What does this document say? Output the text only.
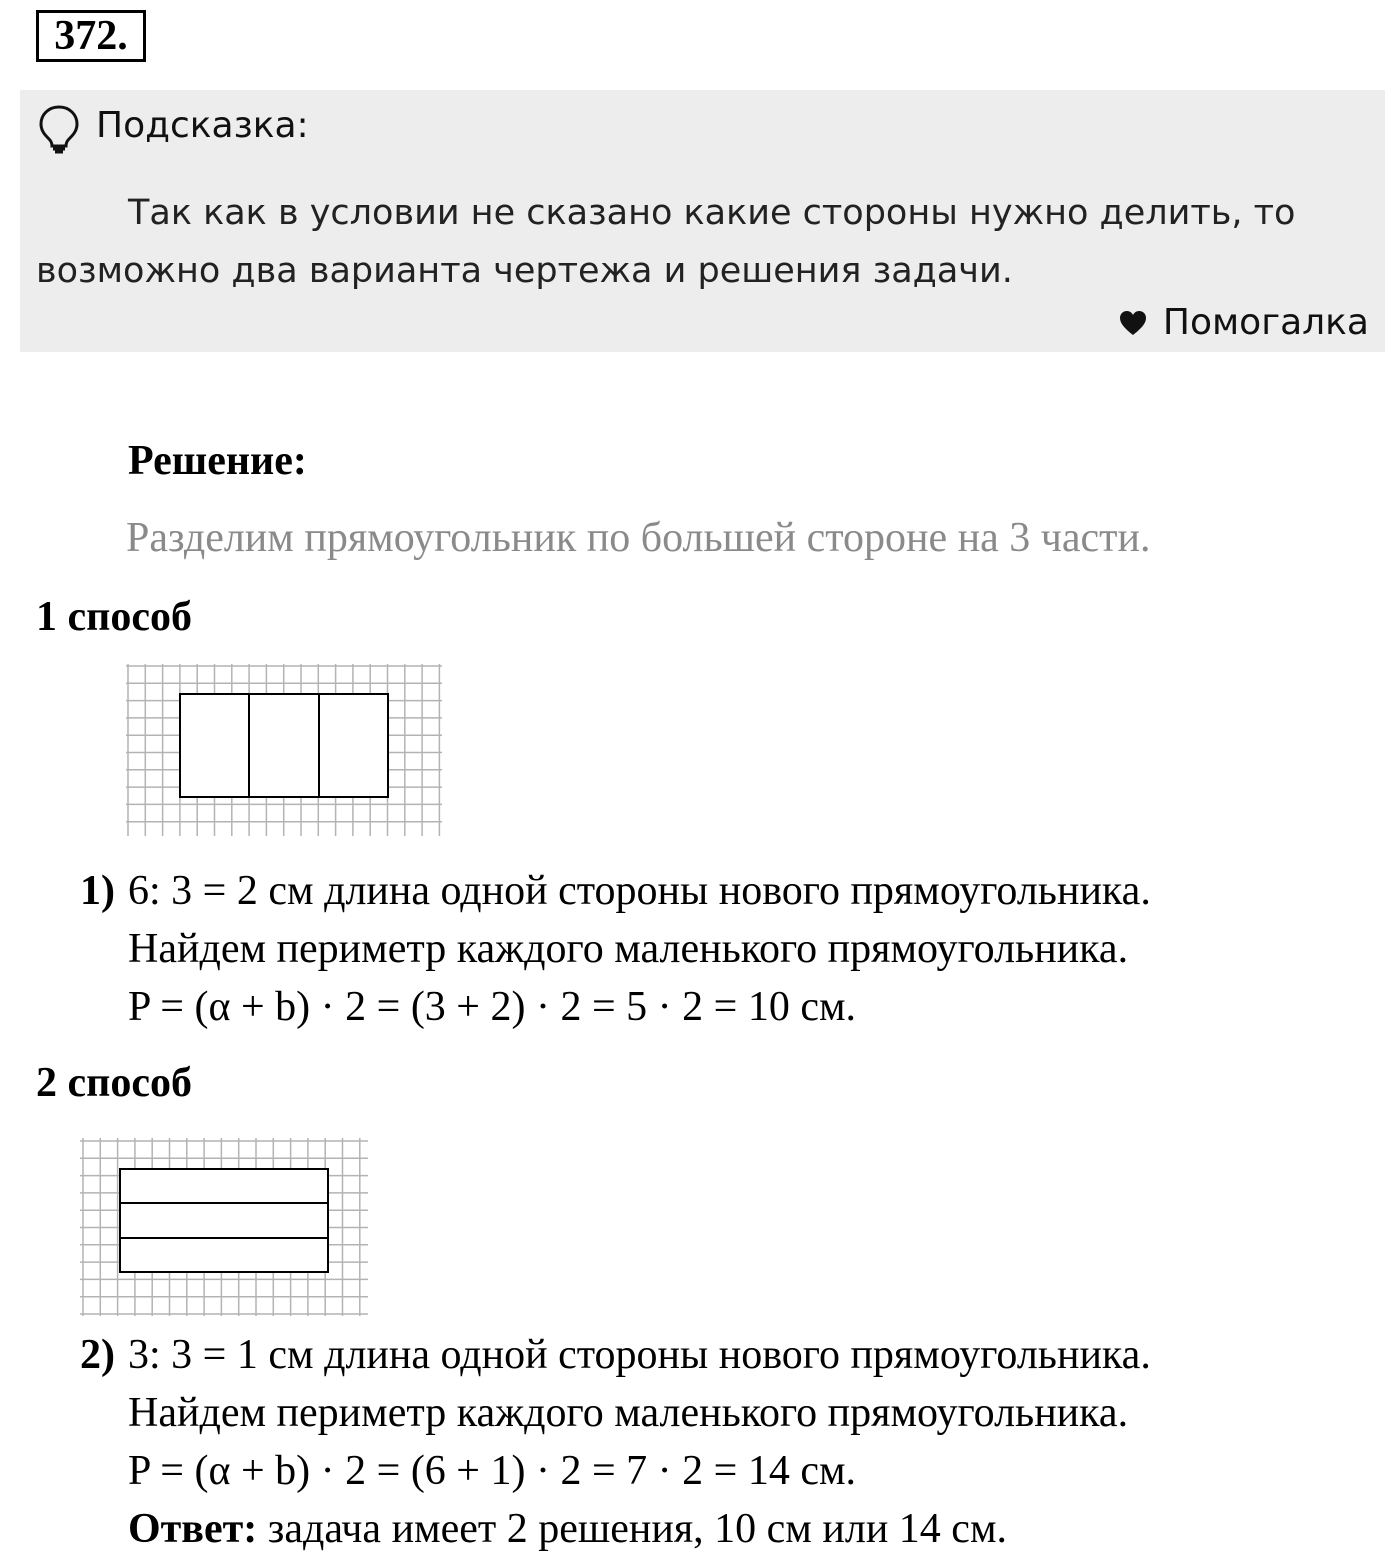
372.
Подсказка:

Так как в условии не сказано какие стороны нужно делить, то возможно два варианта чертежа и решения задачи.

Помогалка
Решение:
Разделим прямоугольник по большей стороне на 3 части.
1 способ
1) 6: 3 = 2 см длина одной стороны нового прямоугольника.
Найдем периметр каждого маленького прямоугольника.
P = (α + b) · 2 = (3 + 2) · 2 = 5 · 2 = 10 см.
2 способ
2) 3: 3 = 1 см длина одной стороны нового прямоугольника.
Найдем периметр каждого маленького прямоугольника.
P = (α + b) · 2 = (6 + 1) · 2 = 7 · 2 = 14 см.
Ответ: задача имеет 2 решения, 10 см или 14 см.
